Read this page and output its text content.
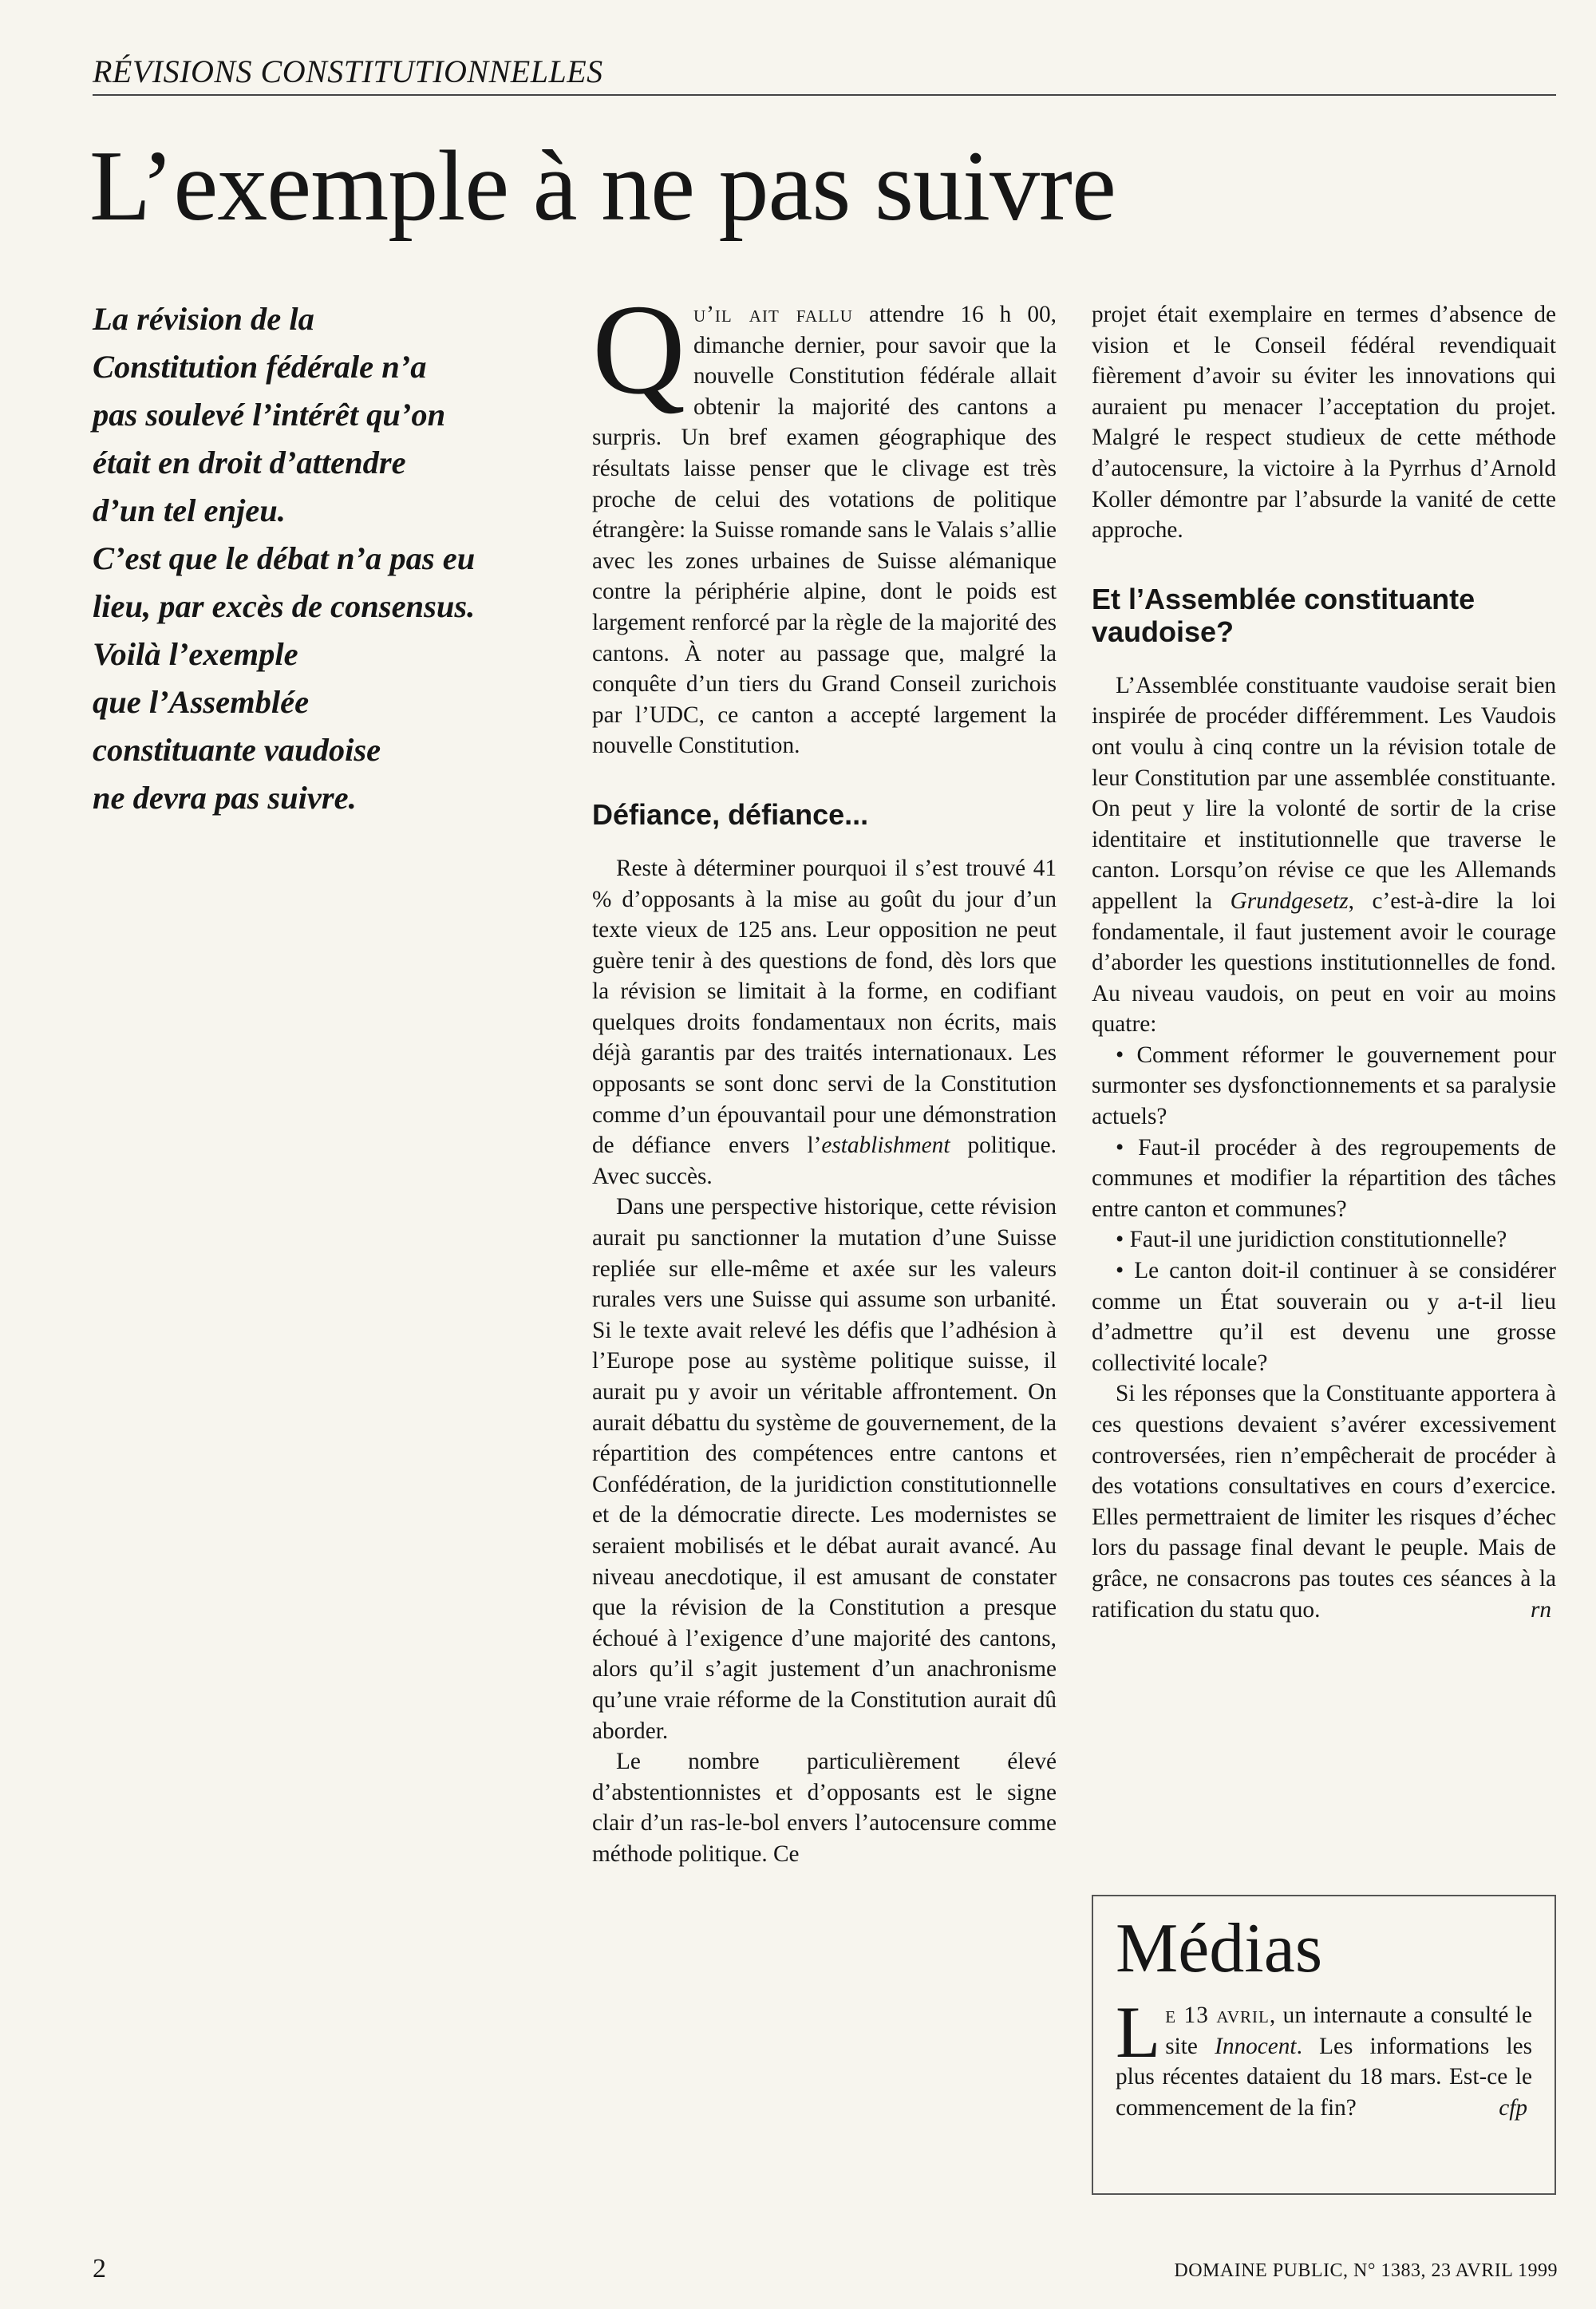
RÉVISIONS CONSTITUTIONNELLES
L’exemple à ne pas suivre
La révision de la
Constitution fédérale n’a
pas soulevé l’intérêt qu’on
était en droit d’attendre
d’un tel enjeu.
C’est que le débat n’a pas eu
lieu, par excès de consensus.
Voilà l’exemple
que l’Assemblée
constituante vaudoise
ne devra pas suivre.

Qu’il ait fallu attendre 16 h 00, dimanche dernier, pour savoir que la nouvelle Constitution fédérale allait obtenir la majorité des cantons a surpris. Un bref examen géographique des résultats laisse penser que le clivage est très proche de celui des votations de politique étrangère: la Suisse romande sans le Valais s’allie avec les zones urbaines de Suisse alémanique contre la périphérie alpine, dont le poids est largement renforcé par la règle de la majorité des cantons. À noter au passage que, malgré la conquête d’un tiers du Grand Conseil zurichois par l’UDC, ce canton a accepté largement la nouvelle Constitution.

Défiance, défiance...

Reste à déterminer pourquoi il s’est trouvé 41 % d’opposants à la mise au goût du jour d’un texte vieux de 125 ans. Leur opposition ne peut guère tenir à des questions de fond, dès lors que la révision se limitait à la forme, en codifiant quelques droits fondamentaux non écrits, mais déjà garantis par des traités internationaux. Les opposants se sont donc servi de la Constitution comme d’un épouvantail pour une démonstration de défiance envers l’establishment politique. Avec succès.

Dans une perspective historique, cette révision aurait pu sanctionner la mutation d’une Suisse repliée sur elle-même et axée sur les valeurs rurales vers une Suisse qui assume son urbanité. Si le texte avait relevé les défis que l’adhésion à l’Europe pose au système politique suisse, il aurait pu y avoir un véritable affrontement. On aurait débattu du système de gouvernement, de la répartition des compétences entre cantons et Confédération, de la juridiction constitutionnelle et de la démocratie directe. Les modernistes se seraient mobilisés et le débat aurait avancé. Au niveau anecdotique, il est amusant de constater que la révision de la Constitution a presque échoué à l’exigence d’une majorité des cantons, alors qu’il s’agit justement d’un anachronisme qu’une vraie réforme de la Constitution aurait dû aborder.

Le nombre particulièrement élevé d’abstentionnistes et d’opposants est le signe clair d’un ras-le-bol envers l’autocensure comme méthode politique. Ce

projet était exemplaire en termes d’absence de vision et le Conseil fédéral revendiquait fièrement d’avoir su éviter les innovations qui auraient pu menacer l’acceptation du projet. Malgré le respect studieux de cette méthode d’autocensure, la victoire à la Pyrrhus d’Arnold Koller démontre par l’absurde la vanité de cette approche.

Et l’Assemblée constituante vaudoise?

L’Assemblée constituante vaudoise serait bien inspirée de procéder différemment. Les Vaudois ont voulu à cinq contre un la révision totale de leur Constitution par une assemblée constituante. On peut y lire la volonté de sortir de la crise identitaire et institutionnelle que traverse le canton. Lorsqu’on révise ce que les Allemands appellent la Grundgesetz, c’est-à-dire la loi fondamentale, il faut justement avoir le courage d’aborder les questions institutionnelles de fond. Au niveau vaudois, on peut en voir au moins quatre:

• Comment réformer le gouvernement pour surmonter ses dysfonctionnements et sa paralysie actuels?

• Faut-il procéder à des regroupements de communes et modifier la répartition des tâches entre canton et communes?

• Faut-il une juridiction constitutionnelle?

• Le canton doit-il continuer à se considérer comme un État souverain ou y a-t-il lieu d’admettre qu’il est devenu une grosse collectivité locale?

Si les réponses que la Constituante apportera à ces questions devaient s’avérer excessivement controversées, rien n’empêcherait de procéder à des votations consultatives en cours d’exercice. Elles permettraient de limiter les risques d’échec lors du passage final devant le peuple. Mais de grâce, ne consacrons pas toutes ces séances à la ratification du statu quo.	rn

Médias

Le 13 avril, un internaute a consulté le site Innocent. Les informations les plus récentes dataient du 18 mars. Est-ce le commencement de la fin?	cfp

2	DOMAINE PUBLIC, N° 1383, 23 AVRIL 1999
